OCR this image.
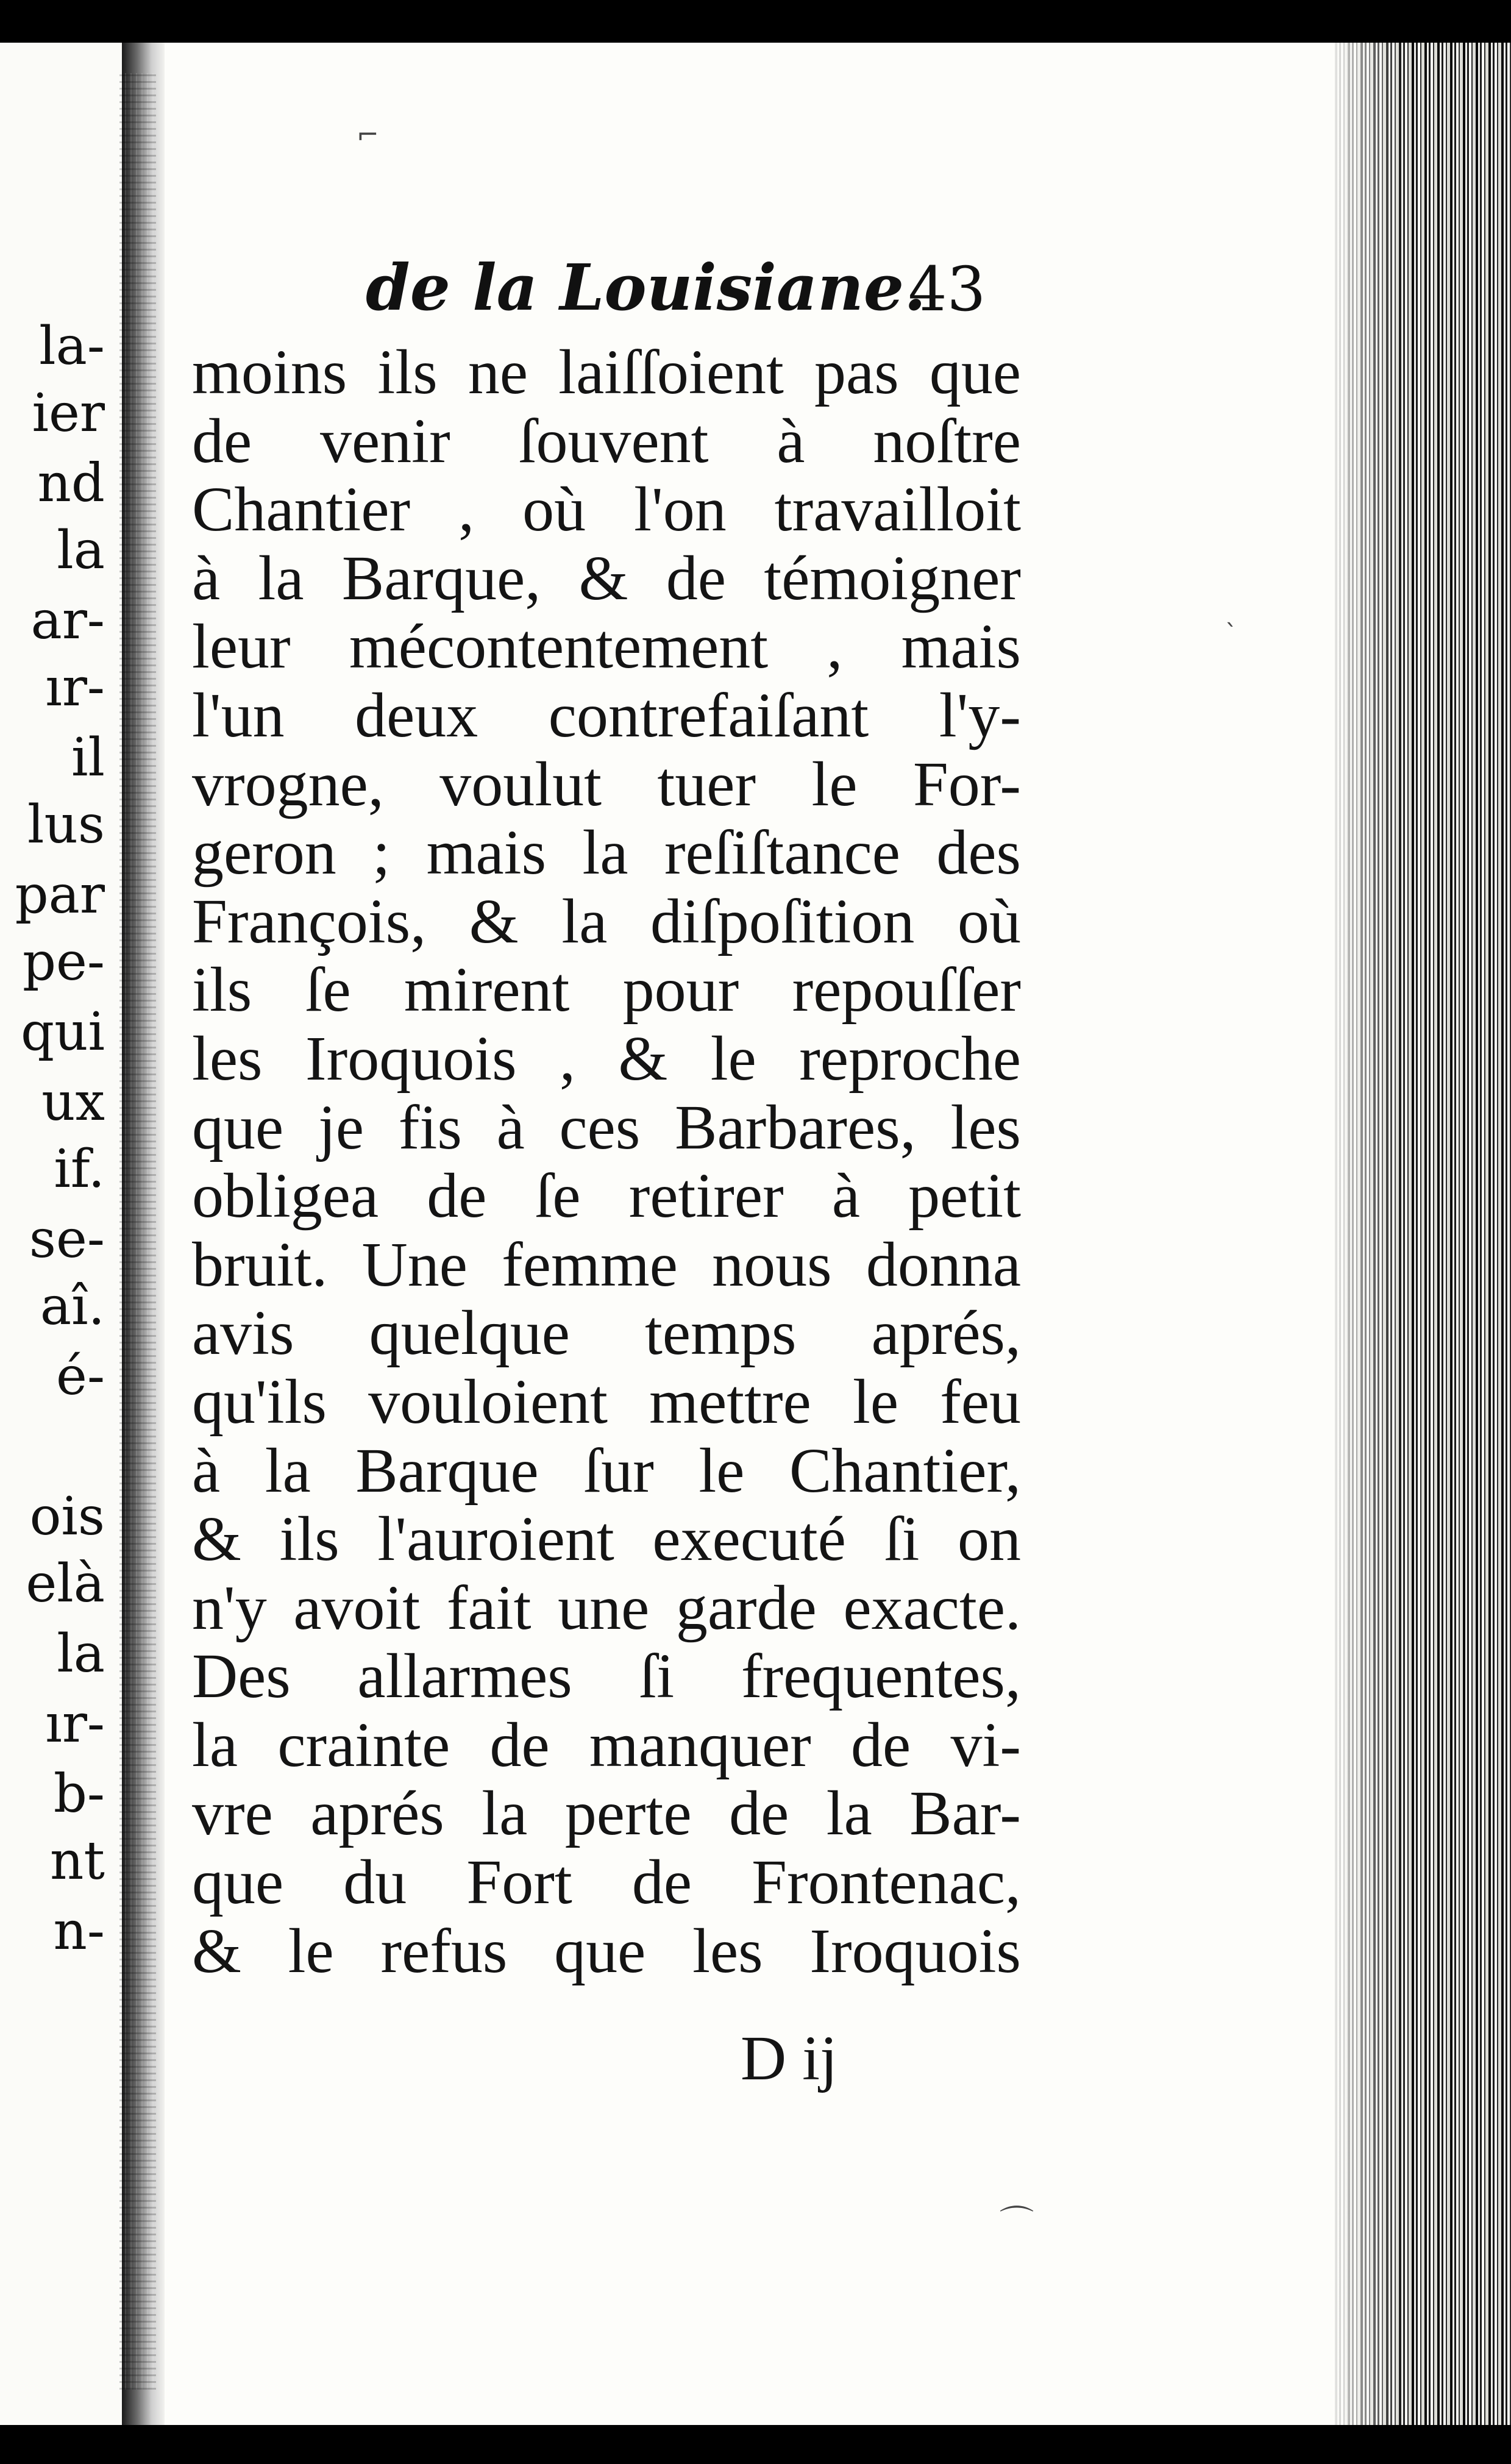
la-
ier
nd
la
ar-
ır-
il
lus
par
pe-
qui
ux
if.
se-
aî.
é-
ois
elà
la
ır-
b-
nt
n-
de la Louisiane.
43
moins ils ne laiſſoient pas que
de venir ſouvent à noſtre
Chantier , où l'on travailloit
à la Barque, & de témoigner
leur mécontentement , mais
l'un deux contrefaiſant l'y-
vrogne, voulut tuer le For-
geron ; mais la reſiſtance des
François, & la diſpoſition où
ils ſe mirent pour repouſſer
les Iroquois , & le reproche
que je fis à ces Barbares, les
obligea de ſe retirer à petit
bruit. Une femme nous donna
avis quelque temps aprés,
qu'ils vouloient mettre le feu
à la Barque ſur le Chantier,
& ils l'auroient executé ſi on
n'y avoit fait une garde exacte.
Des allarmes ſi frequentes,
la crainte de manquer de vi-
vre aprés la perte de la Bar-
que du Fort de Frontenac,
& le refus que les Iroquois
D ij
⌐
⌒
`
